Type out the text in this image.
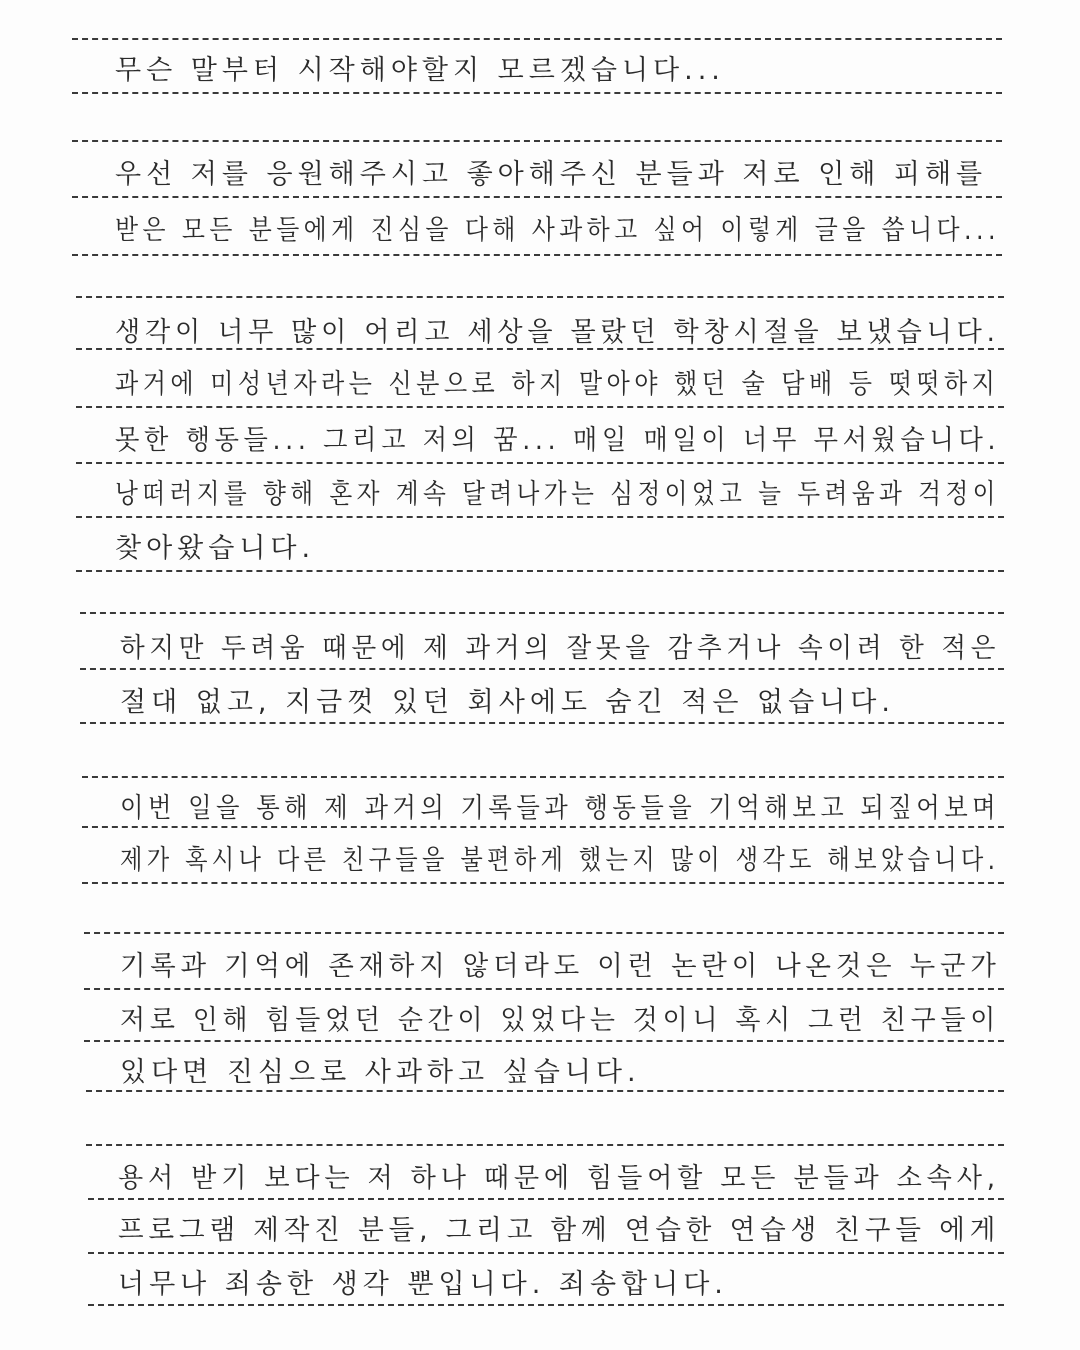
무슨 말부터 시작해야할지 모르겠습니다...
우선 저를 응원해주시고 좋아해주신 분들과 저로 인해 피해를
받은 모든 분들에게 진심을 다해 사과하고 싶어 이렇게 글을 씁니다...
생각이 너무 많이 어리고 세상을 몰랐던 학창시절을 보냈습니다.
과거에 미성년자라는 신분으로 하지 말아야 했던 술 담배 등 떳떳하지
못한 행동들... 그리고 저의 꿈... 매일 매일이 너무 무서웠습니다.
낭떠러지를 향해 혼자 계속 달려나가는 심정이었고 늘 두려움과 걱정이
찾아왔습니다.
하지만 두려움 때문에 제 과거의 잘못을 감추거나 속이려 한 적은
절대 없고, 지금껏 있던 회사에도 숨긴 적은 없습니다.
이번 일을 통해 제 과거의 기록들과 행동들을 기억해보고 되짚어보며
제가 혹시나 다른 친구들을 불편하게 했는지 많이 생각도 해보았습니다.
기록과 기억에 존재하지 않더라도 이런 논란이 나온것은 누군가
저로 인해 힘들었던 순간이 있었다는 것이니 혹시 그런 친구들이
있다면 진심으로 사과하고 싶습니다.
용서 받기 보다는 저 하나 때문에 힘들어할 모든 분들과 소속사,
프로그램 제작진 분들, 그리고 함께 연습한 연습생 친구들 에게
너무나 죄송한 생각 뿐입니다. 죄송합니다.
